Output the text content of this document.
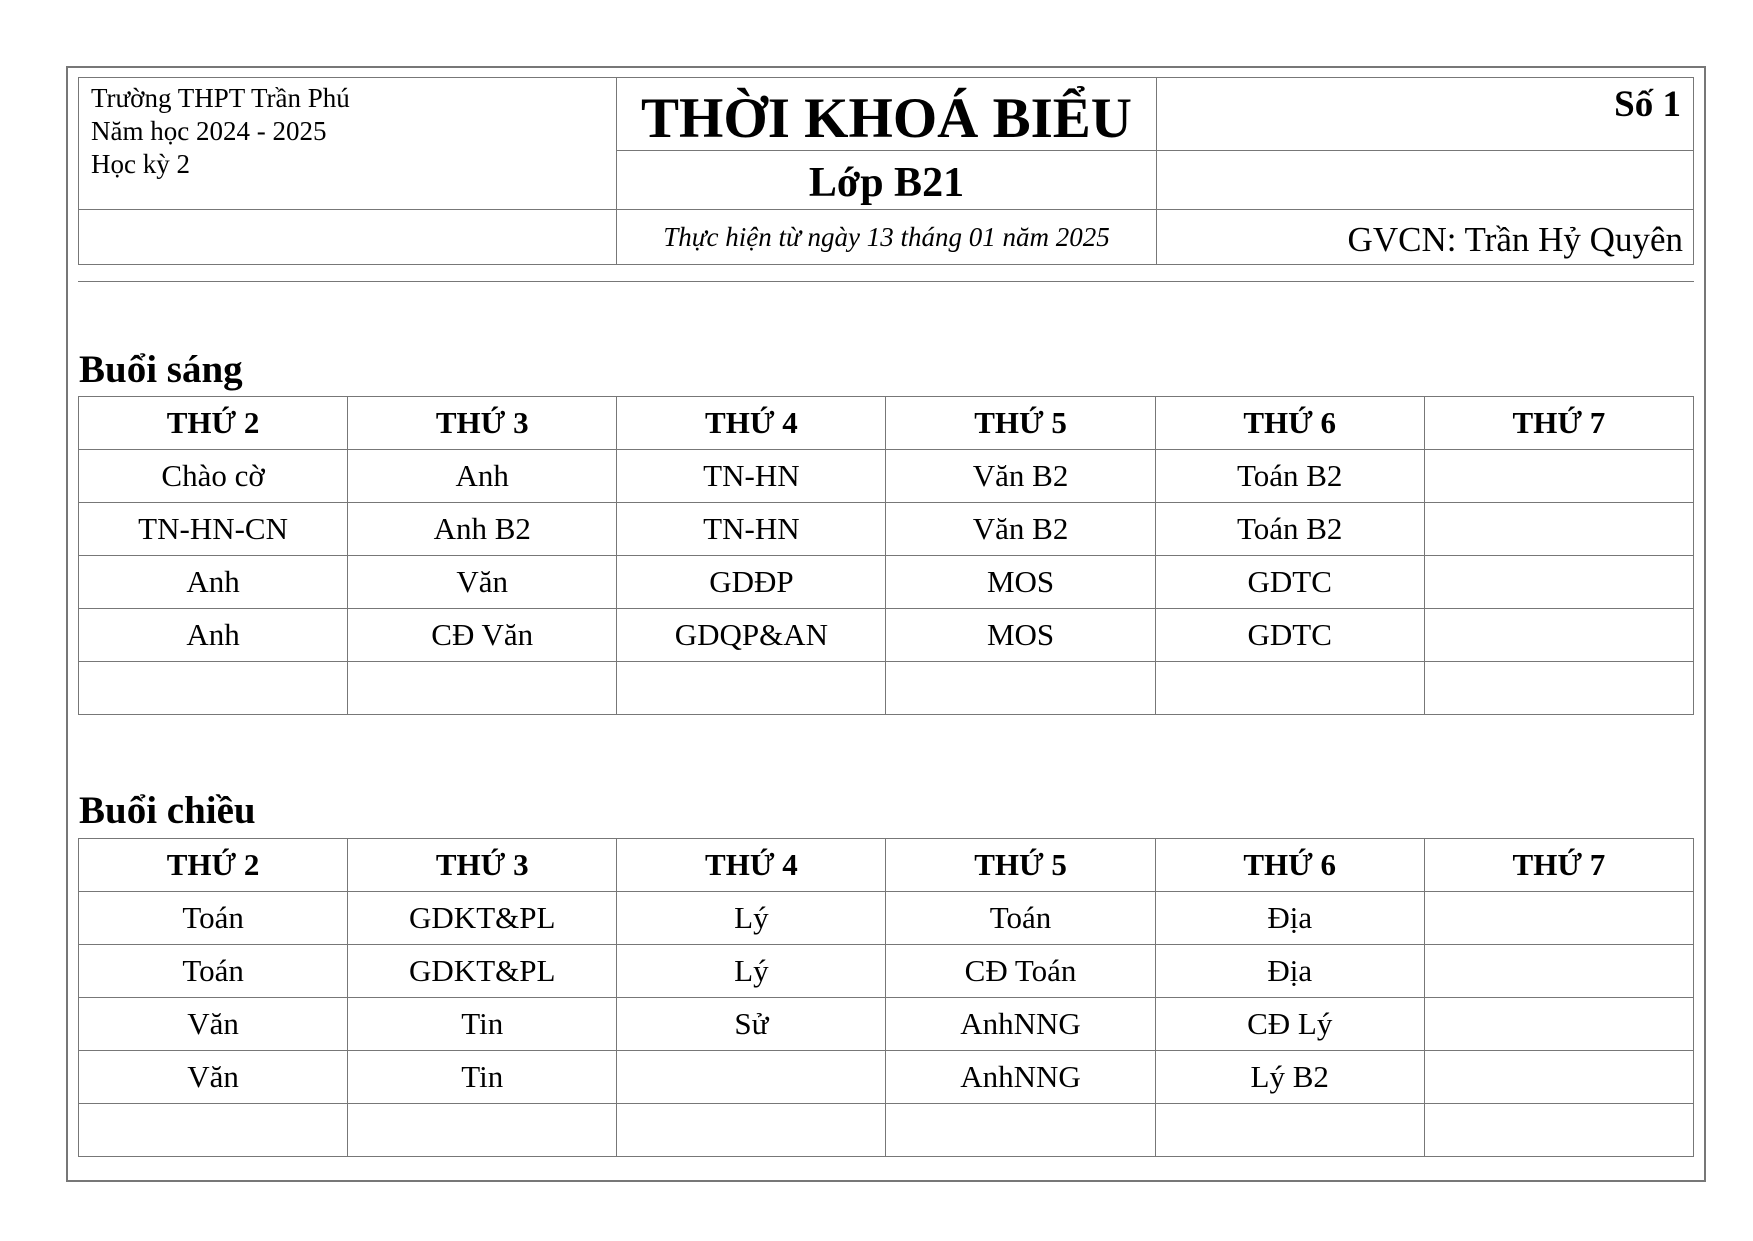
Trường THPT Trần Phú
Năm học 2024 - 2025
Học kỳ 2
THỜI KHOÁ BIỂU
Lớp B21
Thực hiện từ ngày 13 tháng 01 năm 2025
Số 1
GVCN: Trần Hỷ Quyên
Buổi sáng
THỨ 2	THỨ 3	THỨ 4	THỨ 5	THỨ 6	THỨ 7
Chào cờ	Anh	TN-HN	Văn B2	Toán B2	
TN-HN-CN	Anh B2	TN-HN	Văn B2	Toán B2	
Anh	Văn	GDĐP	MOS	GDTC	
Anh	CĐ Văn	GDQP&AN	MOS	GDTC	

Buổi chiều
THỨ 2	THỨ 3	THỨ 4	THỨ 5	THỨ 6	THỨ 7
Toán	GDKT&PL	Lý	Toán	Địa	
Toán	GDKT&PL	Lý	CĐ Toán	Địa	
Văn	Tin	Sử	AnhNNG	CĐ Lý	
Văn	Tin		AnhNNG	Lý B2	
